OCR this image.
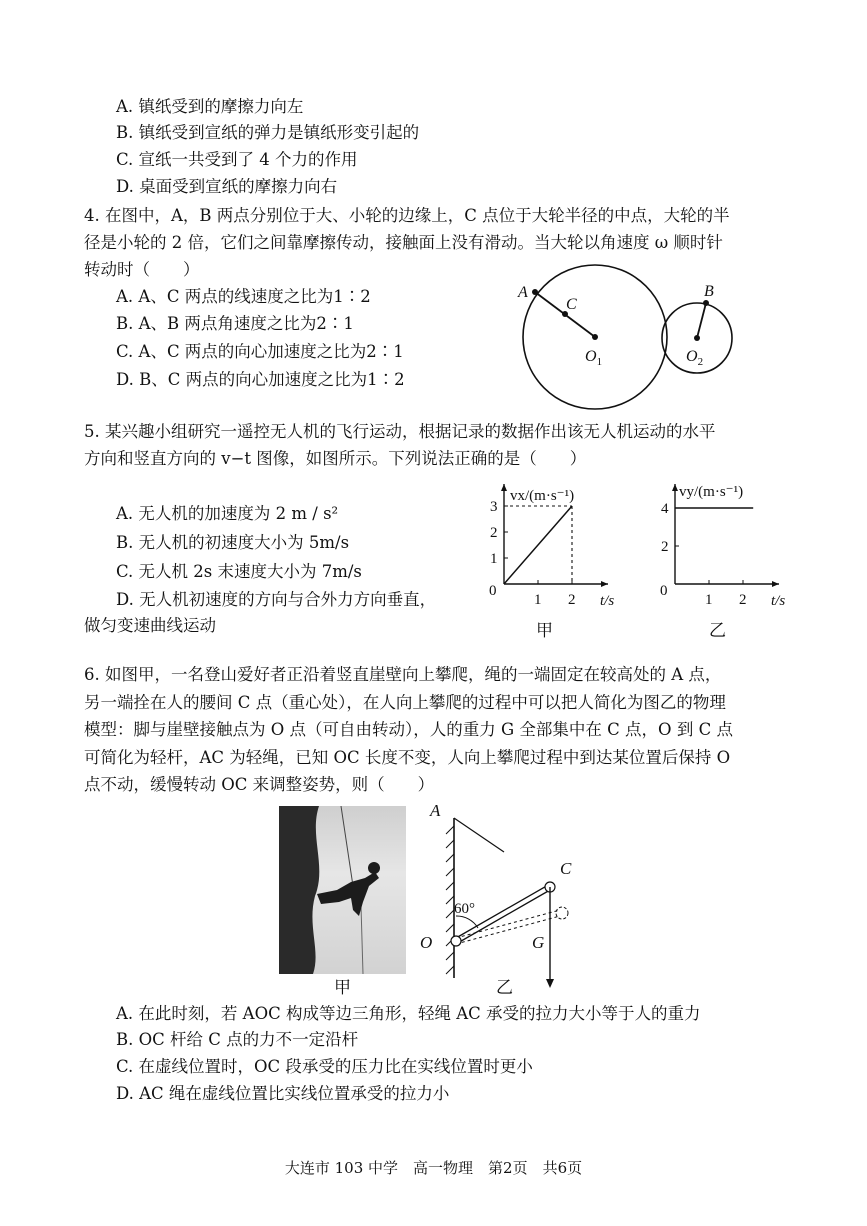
A. 镇纸受到的摩擦力向左
B. 镇纸受到宣纸的弹力是镇纸形变引起的
C. 宣纸一共受到了 4 个力的作用
D. 桌面受到宣纸的摩擦力向右
4. 在图中，A，B 两点分别位于大、小轮的边缘上，C 点位于大轮半径的中点，大轮的半
径是小轮的 2 倍，它们之间靠摩擦传动，接触面上没有滑动。当大轮以角速度 ω 顺时针
转动时（　　）
A. A、C 两点的线速度之比为1∶2
B. A、B 两点角速度之比为2∶1
C. A、C 两点的向心加速度之比为2∶1
D. B、C 两点的向心加速度之比为1∶2
A
C
B
$O_1$	$O_2$
5. 某兴趣小组研究一遥控无人机的飞行运动，根据记录的数据作出该无人机运动的水平
方向和竖直方向的 v−t 图像，如图所示。下列说法正确的是（　　）
A. 无人机的加速度为 2 m / s²
B. 无人机的初速度大小为 5m/s
C. 无人机 2s 末速度大小为 7m/s
D. 无人机初速度的方向与合外力方向垂直，
做匀变速曲线运动
vx/(m·s⁻¹)
t/s
0
1 2
1
2
3
甲
vy/(m·s⁻¹)
t/s
0
1 2
2
4
乙
6. 如图甲，一名登山爱好者正沿着竖直崖壁向上攀爬，绳的一端固定在较高处的 A 点，
另一端拴在人的腰间 C 点（重心处），在人向上攀爬的过程中可以把人简化为图乙的物理
模型：脚与崖壁接触点为 O 点（可自由转动），人的重力 G 全部集中在 C 点，O 到 C 点
可简化为轻杆，AC 为轻绳，已知 OC 长度不变，人向上攀爬过程中到达某位置后保持 O
点不动，缓慢转动 OC 来调整姿势，则（　　）
A
C
O	G
60°
甲	乙
A. 在此时刻，若 AOC 构成等边三角形，轻绳 AC 承受的拉力大小等于人的重力
B. OC 杆给 C 点的力不一定沿杆
C. 在虚线位置时，OC 段承受的压力比在实线位置时更小
D. AC 绳在虚线位置比实线位置承受的拉力小
大连市 103 中学　高一物理　第2页　共6页
